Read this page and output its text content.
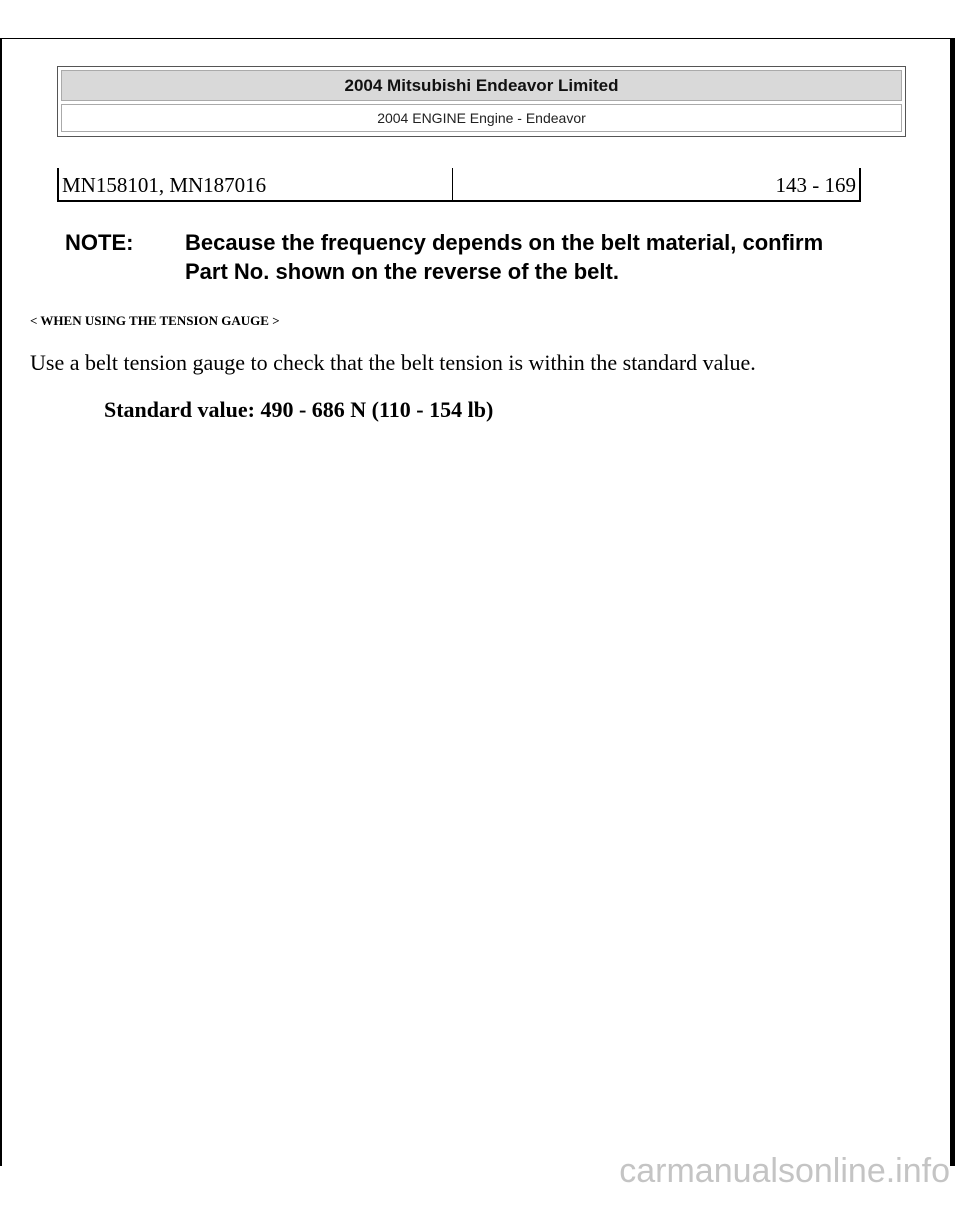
2004 Mitsubishi Endeavor Limited
2004 ENGINE Engine - Endeavor
MN158101, MN187016	143 - 169
NOTE:	Because the frequency depends on the belt material, confirm Part No. shown on the reverse of the belt.
< WHEN USING THE TENSION GAUGE >
Use a belt tension gauge to check that the belt tension is within the standard value.
Standard value: 490 - 686 N (110 - 154 lb)
carmanualsonline.info
